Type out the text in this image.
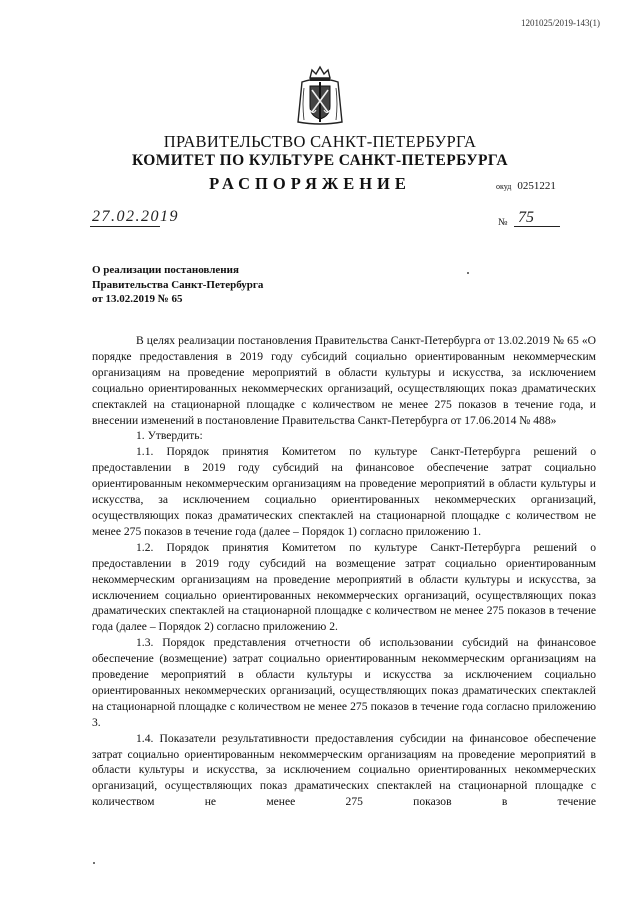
1201025/2019-143(1)
ПРАВИТЕЛЬСТВО САНКТ-ПЕТЕРБУРГА
КОМИТЕТ ПО КУЛЬТУРЕ САНКТ-ПЕТЕРБУРГА
РАСПОРЯЖЕНИЕ	окуд 0251221
27.02.2019	№ 75
О реализации постановления
Правительства Санкт-Петербурга
от 13.02.2019 № 65

В целях реализации постановления Правительства Санкт-Петербурга от 13.02.2019 № 65 «О порядке предоставления в 2019 году субсидий социально ориентированным некоммерческим организациям на проведение мероприятий в области культуры и искусства, за исключением социально ориентированных некоммерческих организаций, осуществляющих показ драматических спектаклей на стационарной площадке с количеством не менее 275 показов в течение года, и внесении изменений в постановление Правительства Санкт-Петербурга от 17.06.2014 № 488»

1. Утвердить:

1.1. Порядок принятия Комитетом по культуре Санкт-Петербурга решений о предоставлении в 2019 году субсидий на финансовое обеспечение затрат социально ориентированным некоммерческим организациям на проведение мероприятий в области культуры и искусства, за исключением социально ориентированных некоммерческих организаций, осуществляющих показ драматических спектаклей на стационарной площадке с количеством не менее 275 показов в течение года (далее – Порядок 1) согласно приложению 1.

1.2. Порядок принятия Комитетом по культуре Санкт-Петербурга решений о предоставлении в 2019 году субсидий на возмещение затрат социально ориентированным некоммерческим организациям на проведение мероприятий в области культуры и искусства, за исключением социально ориентированных некоммерческих организаций, осуществляющих показ драматических спектаклей на стационарной площадке с количеством не менее 275 показов в течение года (далее – Порядок 2) согласно приложению 2.

1.3. Порядок представления отчетности об использовании субсидий на финансовое обеспечение (возмещение) затрат социально ориентированным некоммерческим организациям на проведение мероприятий в области культуры и искусства за исключением социально ориентированных некоммерческих организаций, осуществляющих показ драматических спектаклей на стационарной площадке с количеством не менее 275 показов в течение года согласно приложению 3.

1.4. Показатели результативности предоставления субсидии на финансовое обеспечение затрат социально ориентированным некоммерческим организациям на проведение мероприятий в области культуры и искусства, за исключением социально ориентированных некоммерческих организаций, осуществляющих показ драматических спектаклей на стационарной площадке с количеством не менее 275 показов в течение
